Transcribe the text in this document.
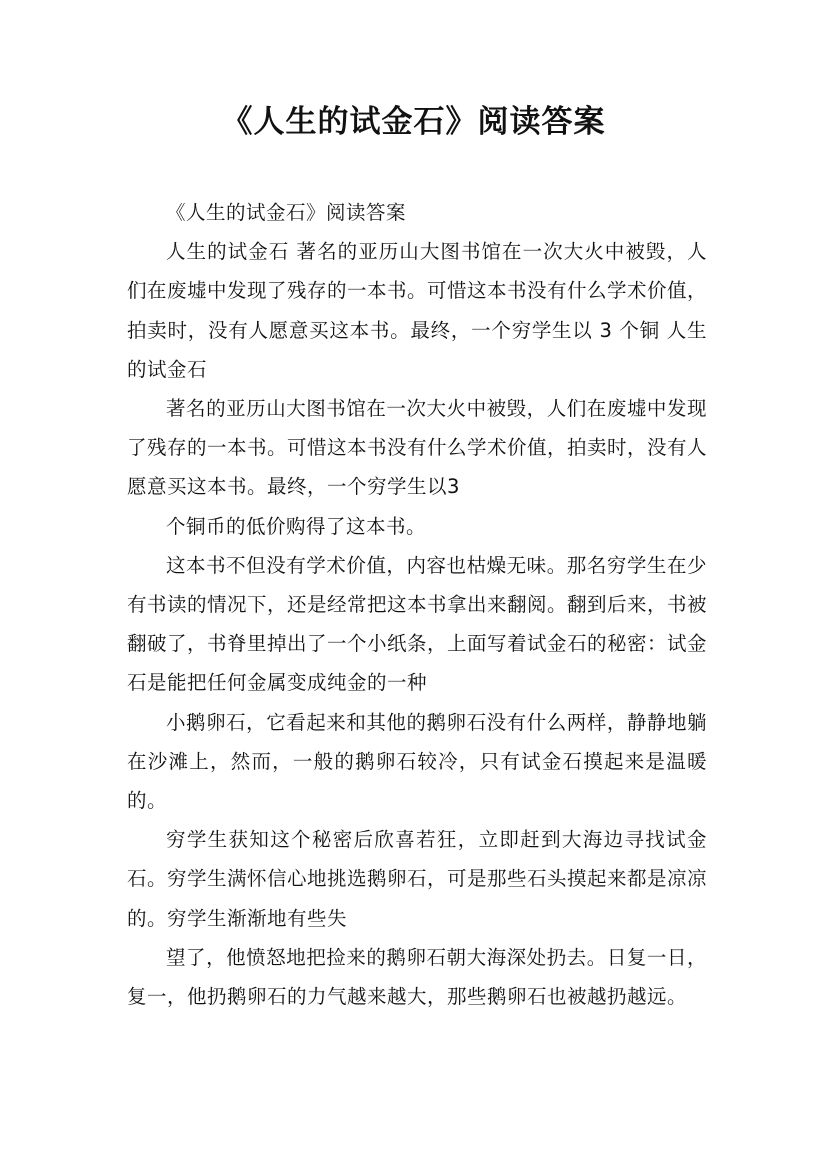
《人生的试金石》阅读答案

《人生的试金石》阅读答案

人生的试金石 著名的亚历山大图书馆在一次大火中被毁，人们在废墟中发现了残存的一本书。可惜这本书没有什么学术价值，拍卖时，没有人愿意买这本书。最终，一个穷学生以 3 个铜 人生的试金石

著名的亚历山大图书馆在一次大火中被毁，人们在废墟中发现了残存的一本书。可惜这本书没有什么学术价值，拍卖时，没有人愿意买这本书。最终，一个穷学生以3

个铜币的低价购得了这本书。

这本书不但没有学术价值，内容也枯燥无味。那名穷学生在少有书读的情况下，还是经常把这本书拿出来翻阅。翻到后来，书被翻破了，书脊里掉出了一个小纸条，上面写着试金石的秘密：试金石是能把任何金属变成纯金的一种

小鹅卵石，它看起来和其他的鹅卵石没有什么两样，静静地躺在沙滩上，然而，一般的鹅卵石较冷，只有试金石摸起来是温暖的。

穷学生获知这个秘密后欣喜若狂，立即赶到大海边寻找试金石。穷学生满怀信心地挑选鹅卵石，可是那些石头摸起来都是凉凉的。穷学生渐渐地有些失

望了，他愤怒地把捡来的鹅卵石朝大海深处扔去。日复一日，复一，他扔鹅卵石的力气越来越大，那些鹅卵石也被越扔越远。
